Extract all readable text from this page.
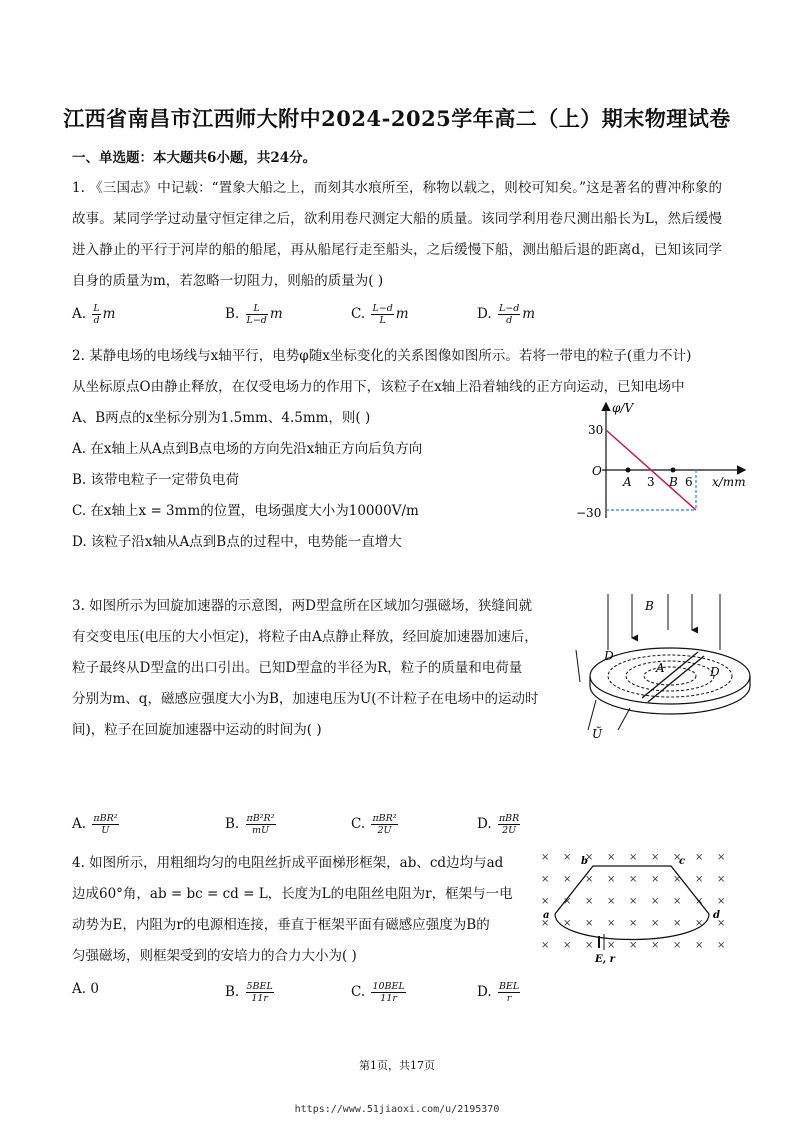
江西省南昌市江西师大附中2024-2025学年高二（上）期末物理试卷
一、单选题：本大题共6小题，共24分。
1. 《三国志》中记载：“置象大船之上，而刻其水痕所至，称物以载之，则校可知矣。”这是著名的曹冲称象的故事。某同学学过动量守恒定律之后，欲利用卷尺测定大船的质量。该同学利用卷尺测出船长为L，然后缓慢进入静止的平行于河岸的船的船尾，再从船尾行走至船头，之后缓慢下船，测出船后退的距离d，已知该同学自身的质量为m，若忽略一切阻力，则船的质量为( )
A. $\frac{L}{d}$ m	B. $\frac{L}{L-d}$ m	C. $\frac{L-d}{L}$ m	D. $\frac{L-d}{d}$ m
2. 某静电场的电场线与x轴平行，电势φ随x坐标变化的关系图像如图所示。若将一带电的粒子(重力不计)
从坐标原点O由静止释放，在仅受电场力的作用下，该粒子在x轴上沿着轴线的正方向运动，已知电场中
A、B两点的x坐标分别为1.5mm、4.5mm，则( )
A. 在x轴上从A点到B点电场的方向先沿x轴正方向后负方向
B. 该带电粒子一定带负电荷
C. 在x轴上x = 3mm的位置，电场强度大小为10000V/m
D. 该粒子沿x轴从A点到B点的过程中，电势能一直增大
φ/V
x/mm
30
−30
O
A 3 B 6
3. 如图所示为回旋加速器的示意图，两D型盒所在区域加匀强磁场，狭缝间就
有交变电压(电压的大小恒定)，将粒子由A点静止释放，经回旋加速器加速后，
粒子最终从D型盒的出口引出。已知D型盒的半径为R，粒子的质量和电荷量
分别为m、q，磁感应强度大小为B，加速电压为U(不计粒子在电场中的运动时
间)，粒子在回旋加速器中运动的时间为( )
B
D
D
A
Ũ
A. $\frac{\text{πBR²}}{U}$	B. $\frac{\text{πB²R²}}{mU}$	C. $\frac{\text{πBR²}}{2U}$	D. $\frac{\text{πBR}}{2U}$
4. 如图所示，用粗细均匀的电阻丝折成平面梯形框架，ab、cd边均与ad
边成60°角，ab = bc = cd = L，长度为L的电阻丝电阻为r，框架与一电
动势为E，内阻为r的电源相连接，垂直于框架平面有磁感应强度为B的
匀强磁场，则框架受到的安培力的合力大小为( )
× × × × × × × × ×
× × × × × × × × ×
× × × × × × × × ×
× × × × × × × × ×
× × × × × × × × ×
a
b	c
d
E, r
A. 0	B. $\frac{\text{5BEL}}{11r}$	C. $\frac{\text{10BEL}}{11r}$	D. $\frac{\text{BEL}}{r}$
第1页，共17页
https://www.51jiaoxi.com/u/2195370
